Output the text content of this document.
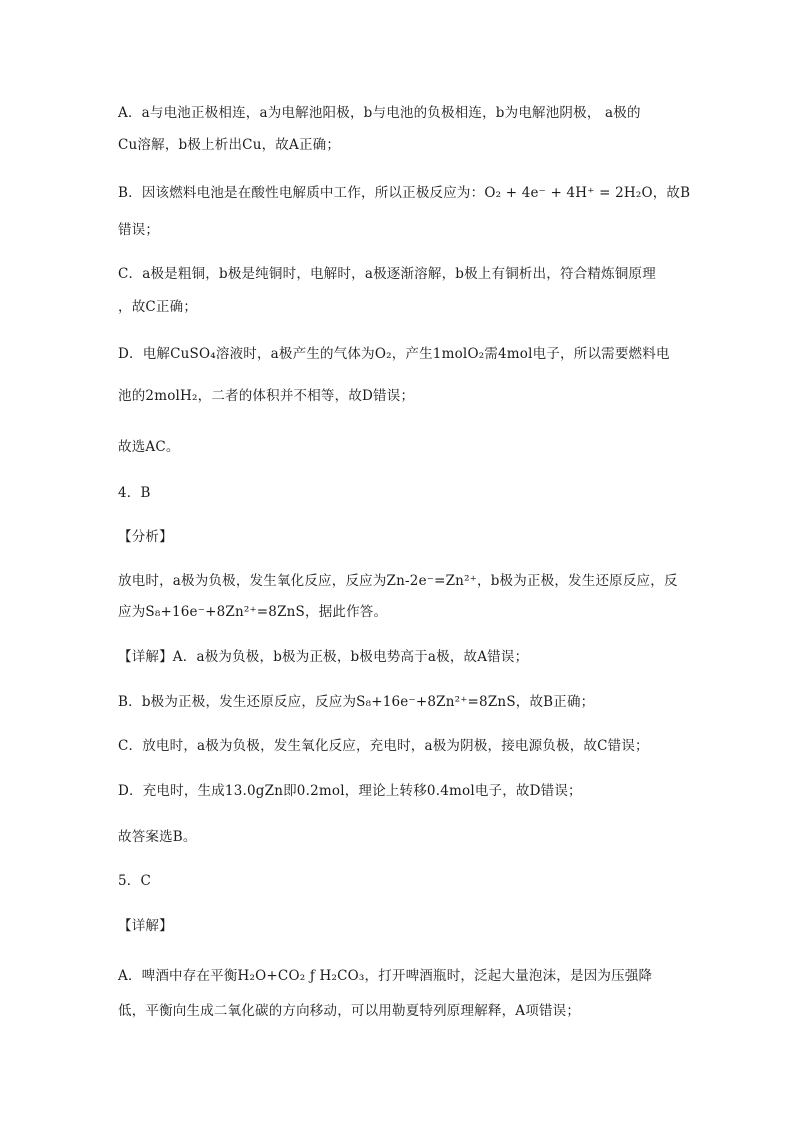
A．a与电池正极相连，a为电解池阳极，b与电池的负极相连，b为电解池阴极， a极的
Cu溶解，b极上析出Cu，故A正确；
B．因该燃料电池是在酸性电解质中工作，所以正极反应为：O₂ + 4e⁻ + 4H⁺ = 2H₂O，故B
错误；
C．a极是粗铜，b极是纯铜时，电解时，a极逐渐溶解，b极上有铜析出，符合精炼铜原理
，故C正确；
D．电解CuSO₄溶液时，a极产生的气体为O₂，产生1molO₂需4mol电子，所以需要燃料电
池的2molH₂，二者的体积并不相等，故D错误；
故选AC。
4．B
【分析】
放电时，a极为负极，发生氧化反应，反应为Zn-2e⁻=Zn²⁺，b极为正极，发生还原反应，反
应为S₈+16e⁻+8Zn²⁺=8ZnS，据此作答。
【详解】A．a极为负极，b极为正极，b极电势高于a极，故A错误；
B．b极为正极，发生还原反应，反应为S₈+16e⁻+8Zn²⁺=8ZnS，故B正确；
C．放电时，a极为负极，发生氧化反应，充电时，a极为阴极，接电源负极，故C错误；
D．充电时，生成13.0gZn即0.2mol，理论上转移0.4mol电子，故D错误；
故答案选B。
5．C
【详解】
A．啤酒中存在平衡H₂O+CO₂ ƒ H₂CO₃，打开啤酒瓶时，泛起大量泡沫，是因为压强降
低，平衡向生成二氧化碳的方向移动，可以用勒夏特列原理解释，A项错误；
